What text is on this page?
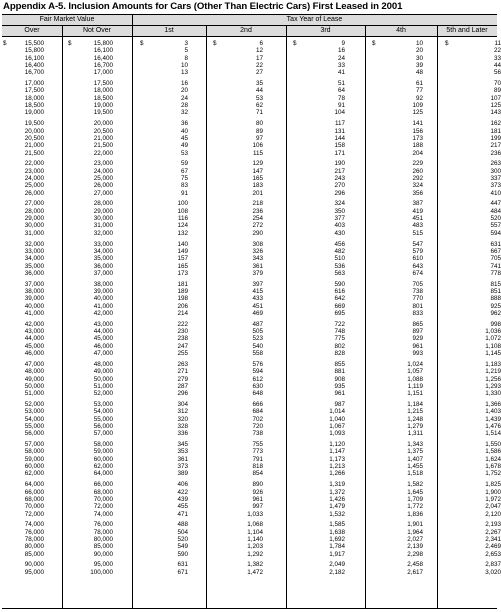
Appendix A-5. Inclusion Amounts for Cars (Other Than Electric Cars) First Leased in 2001
Fair Market Value	Tax Year of Lease
Over	Not Over	1st	2nd	3rd	4th	5th and Later
$	$	$	$	$	$	$
15,500	15,800	3	6	9	10	11
15,800	16,100	5	12	16	20	22
16,100	16,400	8	17	24	30	33
16,400	16,700	10	22	33	39	44
16,700	17,000	13	27	41	48	56
17,000	17,500	16	35	51	61	70
17,500	18,000	20	44	64	77	89
18,000	18,500	24	53	78	92	107
18,500	19,000	28	62	91	109	125
19,000	19,500	32	71	104	125	143
19,500	20,000	36	80	117	141	162
20,000	20,500	40	89	131	156	181
20,500	21,000	45	97	144	173	199
21,000	21,500	49	106	158	188	217
21,500	22,000	53	115	171	204	236
22,000	23,000	59	129	190	229	263
23,000	24,000	67	147	217	260	300
24,000	25,000	75	165	243	292	337
25,000	26,000	83	183	270	324	373
26,000	27,000	91	201	296	356	410
27,000	28,000	100	218	324	387	447
28,000	29,000	108	236	350	419	484
29,000	30,000	116	254	377	451	520
30,000	31,000	124	272	403	483	557
31,000	32,000	132	290	430	515	594
32,000	33,000	140	308	456	547	631
33,000	34,000	149	326	482	579	667
34,000	35,000	157	343	510	610	705
35,000	36,000	165	361	536	643	741
36,000	37,000	173	379	563	674	778
37,000	38,000	181	397	590	705	815
38,000	39,000	189	415	616	738	851
39,000	40,000	198	433	642	770	888
40,000	41,000	206	451	669	801	925
41,000	42,000	214	469	695	833	962
42,000	43,000	222	487	722	865	998
43,000	44,000	230	505	748	897	1,036
44,000	45,000	238	523	775	929	1,072
45,000	46,000	247	540	802	961	1,108
46,000	47,000	255	558	828	993	1,145
47,000	48,000	263	576	855	1,024	1,183
48,000	49,000	271	594	881	1,057	1,219
49,000	50,000	279	612	908	1,088	1,256
50,000	51,000	287	630	935	1,119	1,293
51,000	52,000	296	648	961	1,151	1,330
52,000	53,000	304	666	987	1,184	1,366
53,000	54,000	312	684	1,014	1,215	1,403
54,000	55,000	320	702	1,040	1,248	1,439
55,000	56,000	328	720	1,067	1,279	1,476
56,000	57,000	336	738	1,093	1,311	1,514
57,000	58,000	345	755	1,120	1,343	1,550
58,000	59,000	353	773	1,147	1,375	1,586
59,000	60,000	361	791	1,173	1,407	1,624
60,000	62,000	373	818	1,213	1,455	1,678
62,000	64,000	389	854	1,266	1,518	1,752
64,000	66,000	406	890	1,319	1,582	1,825
66,000	68,000	422	926	1,372	1,645	1,900
68,000	70,000	439	961	1,426	1,709	1,972
70,000	72,000	455	997	1,479	1,772	2,047
72,000	74,000	471	1,033	1,532	1,836	2,120
74,000	76,000	488	1,068	1,585	1,901	2,193
76,000	78,000	504	1,104	1,638	1,964	2,267
78,000	80,000	520	1,140	1,692	2,027	2,341
80,000	85,000	549	1,203	1,784	2,139	2,469
85,000	90,000	590	1,292	1,917	2,298	2,653
90,000	95,000	631	1,382	2,049	2,458	2,837
95,000	100,000	671	1,472	2,182	2,617	3,020
